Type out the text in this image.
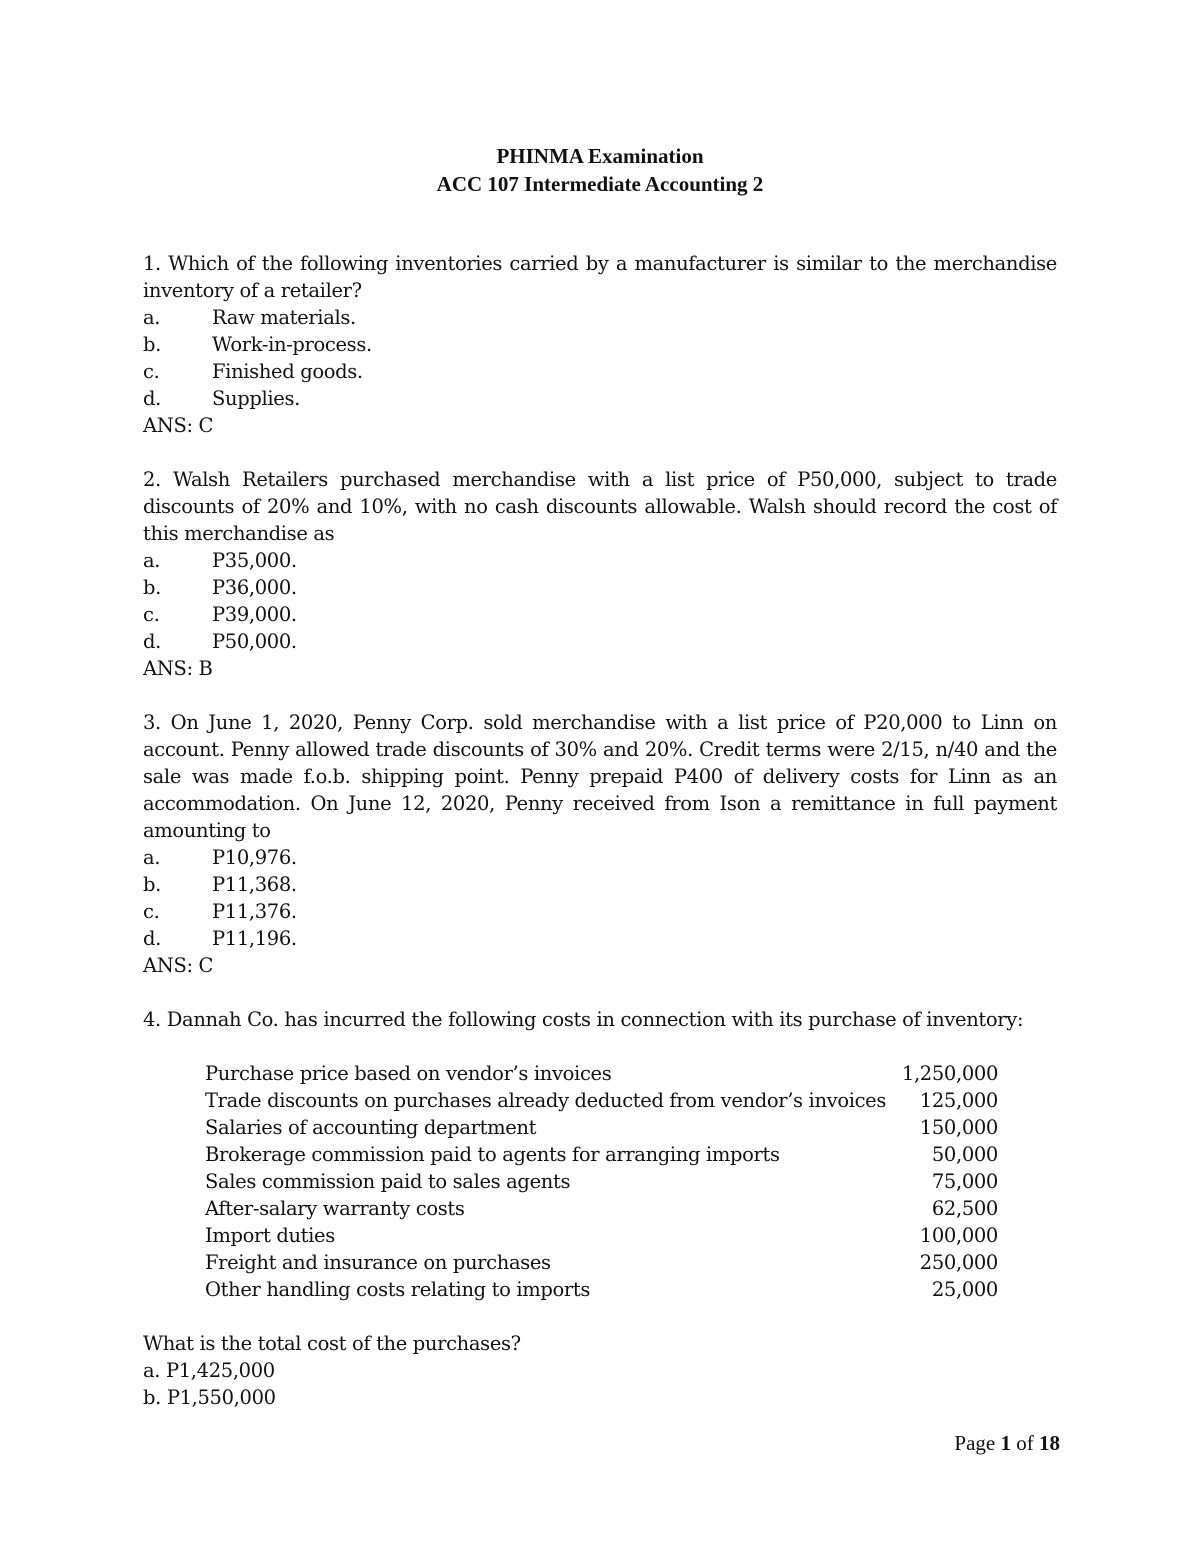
PHINMA Examination
ACC 107 Intermediate Accounting 2
1. Which of the following inventories carried by a manufacturer is similar to the merchandise inventory of a retailer?
a.	Raw materials.
b.	Work-in-process.
c.	Finished goods.
d.	Supplies.
ANS: C
2. Walsh Retailers purchased merchandise with a list price of P50,000, subject to trade discounts of 20% and 10%, with no cash discounts allowable. Walsh should record the cost of this merchandise as
a.	P35,000.
b.	P36,000.
c.	P39,000.
d.	P50,000.
ANS: B
3. On June 1, 2020, Penny Corp. sold merchandise with a list price of P20,000 to Linn on account. Penny allowed trade discounts of 30% and 20%. Credit terms were 2/15, n/40 and the sale was made f.o.b. shipping point. Penny prepaid P400 of delivery costs for Linn as an accommodation. On June 12, 2020, Penny received from Ison a remittance in full payment amounting to
a.	P10,976.
b.	P11,368.
c.	P11,376.
d.	P11,196.
ANS: C
4. Dannah Co. has incurred the following costs in connection with its purchase of inventory:
Purchase price based on vendor’s invoices	1,250,000
Trade discounts on purchases already deducted from vendor’s invoices	125,000
Salaries of accounting department	150,000
Brokerage commission paid to agents for arranging imports	50,000
Sales commission paid to sales agents	75,000
After-salary warranty costs	62,500
Import duties	100,000
Freight and insurance on purchases	250,000
Other handling costs relating to imports	25,000
What is the total cost of the purchases?
a. P1,425,000
b. P1,550,000
Page 1 of 18
